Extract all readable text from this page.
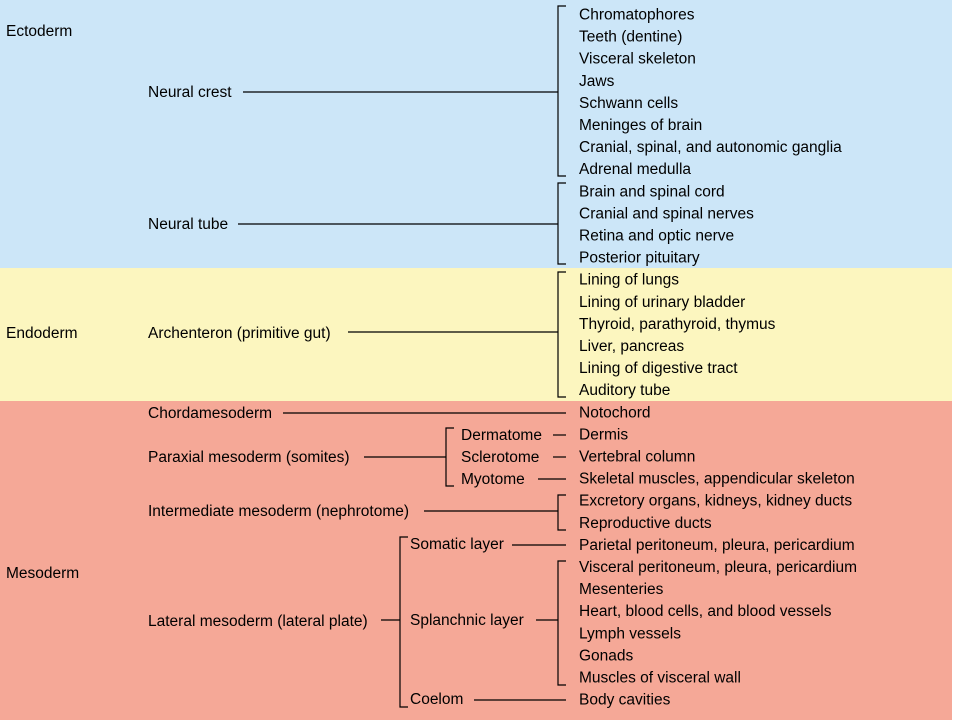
Ectoderm
Endoderm
Mesoderm
Neural crest
Neural tube
Archenteron (primitive gut)
Chordamesoderm
Paraxial mesoderm (somites)
Intermediate mesoderm (nephrotome)
Lateral mesoderm (lateral plate)
Dermatome
Sclerotome
Myotome
Somatic layer
Splanchnic layer
Coelom
Chromatophores
Teeth (dentine)
Visceral skeleton
Jaws
Schwann cells
Meninges of brain
Cranial, spinal, and autonomic ganglia
Adrenal medulla
Brain and spinal cord
Cranial and spinal nerves
Retina and optic nerve
Posterior pituitary
Lining of lungs
Lining of urinary bladder
Thyroid, parathyroid, thymus
Liver, pancreas
Lining of digestive tract
Auditory tube
Notochord
Dermis
Vertebral column
Skeletal muscles, appendicular skeleton
Excretory organs, kidneys, kidney ducts
Reproductive ducts
Parietal peritoneum, pleura, pericardium
Visceral peritoneum, pleura, pericardium
Mesenteries
Heart, blood cells, and blood vessels
Lymph vessels
Gonads
Muscles of visceral wall
Body cavities
